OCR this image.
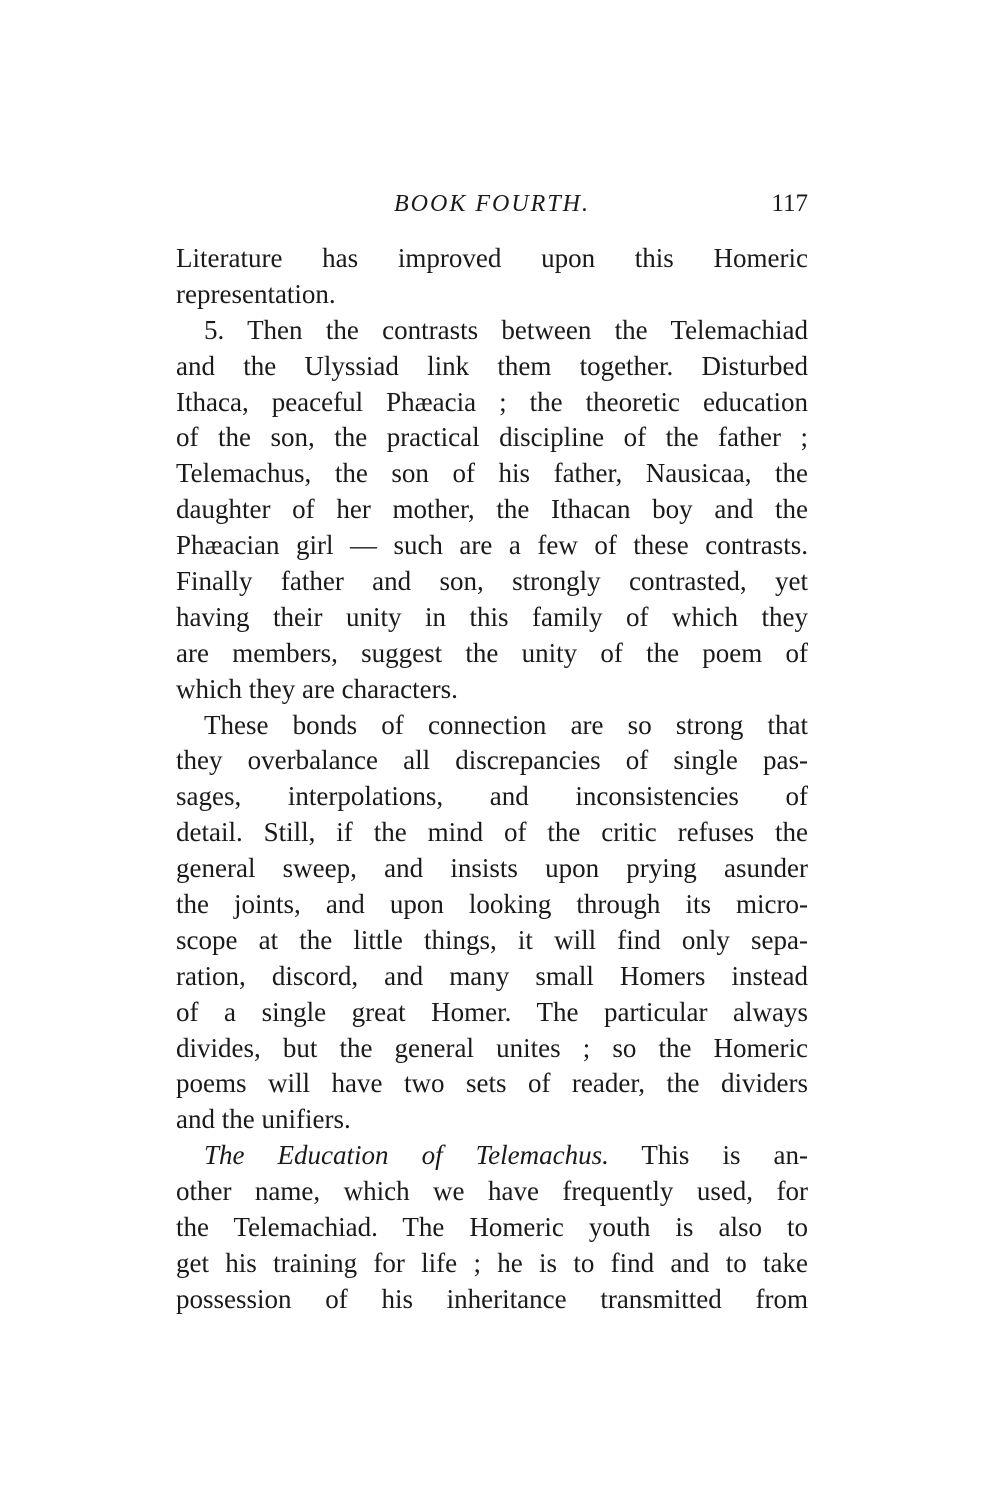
BOOK FOURTH.	117
Literature has improved upon this Homeric
representation.
5. Then the contrasts between the Telemachiad
and the Ulyssiad link them together. Disturbed
Ithaca, peaceful Phæacia ; the theoretic education
of the son, the practical discipline of the father ;
Telemachus, the son of his father, Nausicaa, the
daughter of her mother, the Ithacan boy and the
Phæacian girl — such are a few of these contrasts.
Finally father and son, strongly contrasted, yet
having their unity in this family of which they
are members, suggest the unity of the poem of
which they are characters.
These bonds of connection are so strong that
they overbalance all discrepancies of single pas-
sages, interpolations, and inconsistencies of
detail. Still, if the mind of the critic refuses the
general sweep, and insists upon prying asunder
the joints, and upon looking through its micro-
scope at the little things, it will find only sepa-
ration, discord, and many small Homers instead
of a single great Homer. The particular always
divides, but the general unites ; so the Homeric
poems will have two sets of reader, the dividers
and the unifiers.
The Education of Telemachus. This is an-
other name, which we have frequently used, for
the Telemachiad. The Homeric youth is also to
get his training for life ; he is to find and to take
possession of his inheritance transmitted from
